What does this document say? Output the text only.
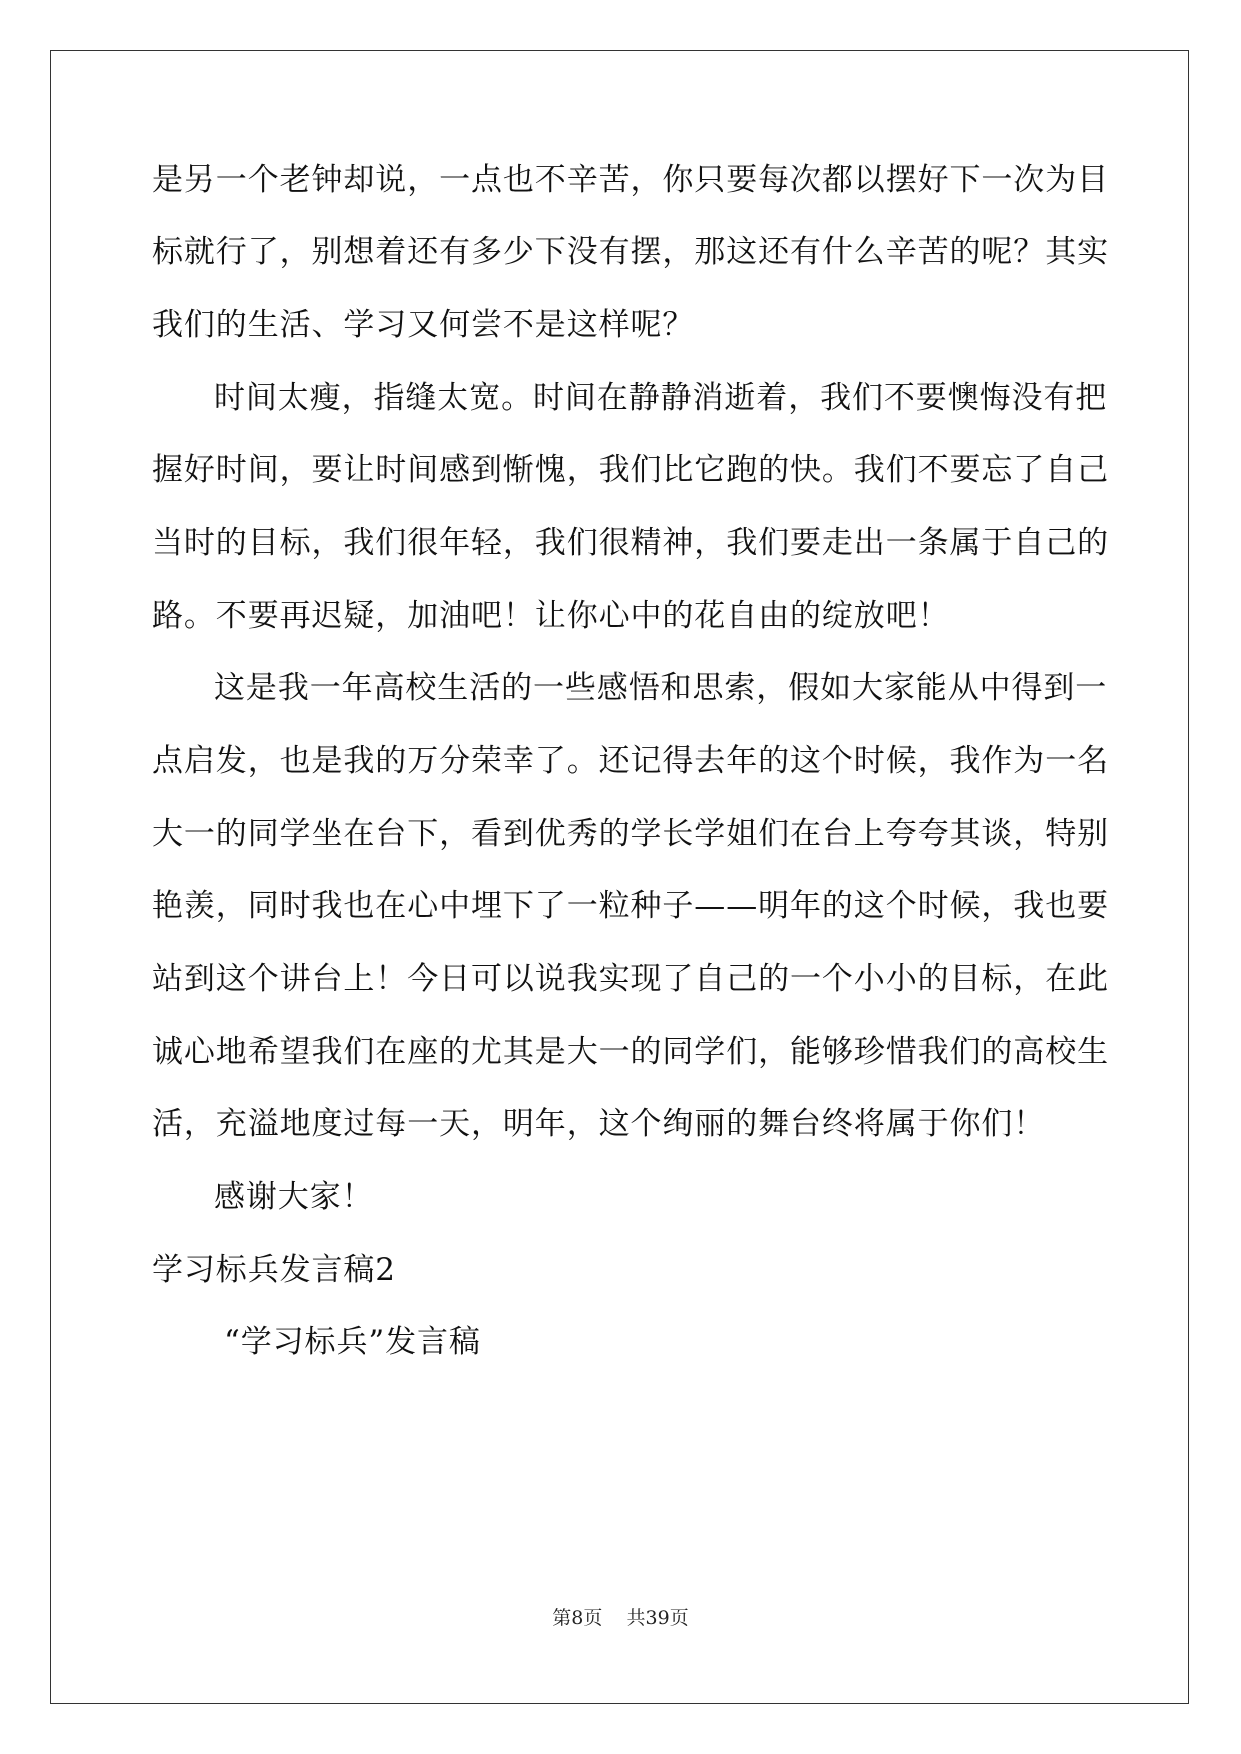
是另一个老钟却说，一点也不辛苦，你只要每次都以摆好下一次为目
标就行了，别想着还有多少下没有摆，那这还有什么辛苦的呢？其实
我们的生活、学习又何尝不是这样呢？
时间太瘦，指缝太宽。时间在静静消逝着，我们不要懊悔没有把
握好时间，要让时间感到惭愧，我们比它跑的快。我们不要忘了自己
当时的目标，我们很年轻，我们很精神，我们要走出一条属于自己的
路。不要再迟疑，加油吧！让你心中的花自由的绽放吧！
这是我一年高校生活的一些感悟和思索，假如大家能从中得到一
点启发，也是我的万分荣幸了。还记得去年的这个时候，我作为一名
大一的同学坐在台下，看到优秀的学长学姐们在台上夸夸其谈，特别
艳羡，同时我也在心中埋下了一粒种子——明年的这个时候，我也要
站到这个讲台上！今日可以说我实现了自己的一个小小的目标，在此
诚心地希望我们在座的尤其是大一的同学们，能够珍惜我们的高校生
活，充溢地度过每一天，明年，这个绚丽的舞台终将属于你们！
感谢大家！
学习标兵发言稿2
“学习标兵”发言稿
第8页 共39页
